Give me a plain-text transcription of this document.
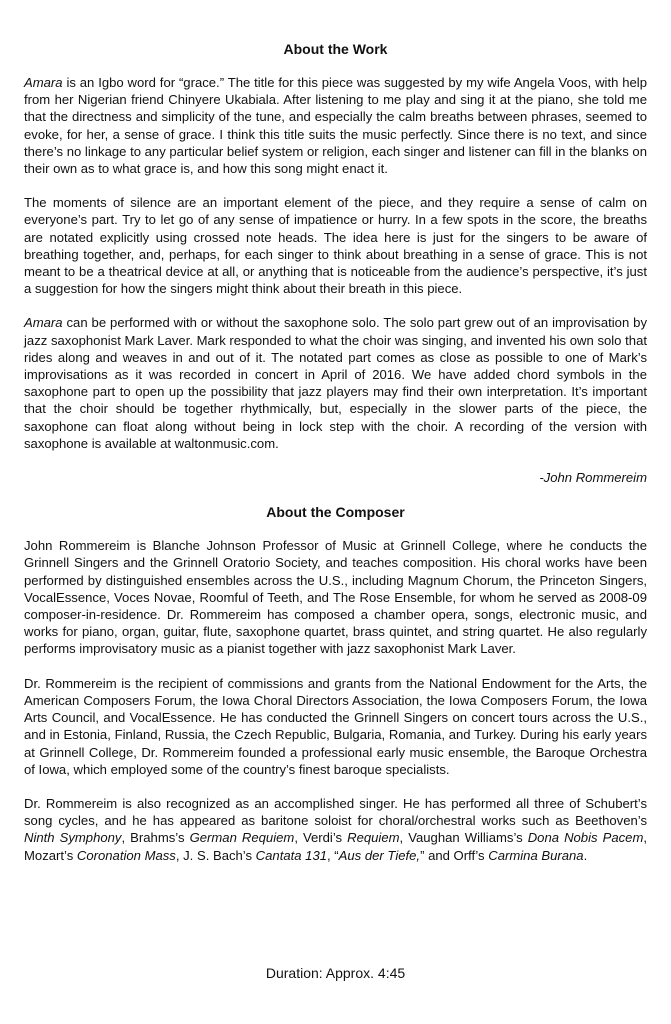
About the Work

Amara is an Igbo word for “grace.” The title for this piece was suggested by my wife Angela Voos, with help from her Nigerian friend Chinyere Ukabiala. After listening to me play and sing it at the piano, she told me that the directness and simplicity of the tune, and especially the calm breaths between phrases, seemed to evoke, for her, a sense of grace. I think this title suits the music perfectly. Since there is no text, and since there’s no linkage to any particular belief system or religion, each singer and listener can fill in the blanks on their own as to what grace is, and how this song might enact it.

The moments of silence are an important element of the piece, and they require a sense of calm on everyone’s part. Try to let go of any sense of impatience or hurry. In a few spots in the score, the breaths are notated explicitly using crossed note heads. The idea here is just for the singers to be aware of breathing together, and, perhaps, for each singer to think about breathing in a sense of grace. This is not meant to be a theatrical device at all, or anything that is noticeable from the audience’s perspective, it’s just a suggestion for how the singers might think about their breath in this piece.

Amara can be performed with or without the saxophone solo. The solo part grew out of an improvisation by jazz saxophonist Mark Laver. Mark responded to what the choir was singing, and invented his own solo that rides along and weaves in and out of it. The notated part comes as close as possible to one of Mark’s improvisations as it was recorded in concert in April of 2016. We have added chord symbols in the saxophone part to open up the possibility that jazz players may find their own interpretation. It’s important that the choir should be together rhythmically, but, especially in the slower parts of the piece, the saxophone can float along without being in lock step with the choir. A recording of the version with saxophone is available at waltonmusic.com.

-John Rommereim
About the Composer

John Rommereim is Blanche Johnson Professor of Music at Grinnell College, where he conducts the Grinnell Singers and the Grinnell Oratorio Society, and teaches composition. His choral works have been performed by distinguished ensembles across the U.S., including Magnum Chorum, the Princeton Singers, VocalEssence, Voces Novae, Roomful of Teeth, and The Rose Ensemble, for whom he served as 2008-09 composer-in-residence. Dr. Rommereim has composed a chamber opera, songs, electronic music, and works for piano, organ, guitar, flute, saxophone quartet, brass quintet, and string quartet. He also regularly performs improvisatory music as a pianist together with jazz saxophonist Mark Laver.

Dr. Rommereim is the recipient of commissions and grants from the National Endowment for the Arts, the American Composers Forum, the Iowa Choral Directors Association, the Iowa Composers Forum, the Iowa Arts Council, and VocalEssence. He has conducted the Grinnell Singers on concert tours across the U.S., and in Estonia, Finland, Russia, the Czech Republic, Bulgaria, Romania, and Turkey. During his early years at Grinnell College, Dr. Rommereim founded a professional early music ensemble, the Baroque Orchestra of Iowa, which employed some of the country’s finest baroque specialists.

Dr. Rommereim is also recognized as an accomplished singer. He has performed all three of Schubert’s song cycles, and he has appeared as baritone soloist for choral/orchestral works such as Beethoven’s Ninth Symphony, Brahms’s German Requiem, Verdi’s Requiem, Vaughan Williams’s Dona Nobis Pacem, Mozart’s Coronation Mass, J. S. Bach’s Cantata 131, “Aus der Tiefe,” and Orff’s Carmina Burana.

Duration: Approx. 4:45
